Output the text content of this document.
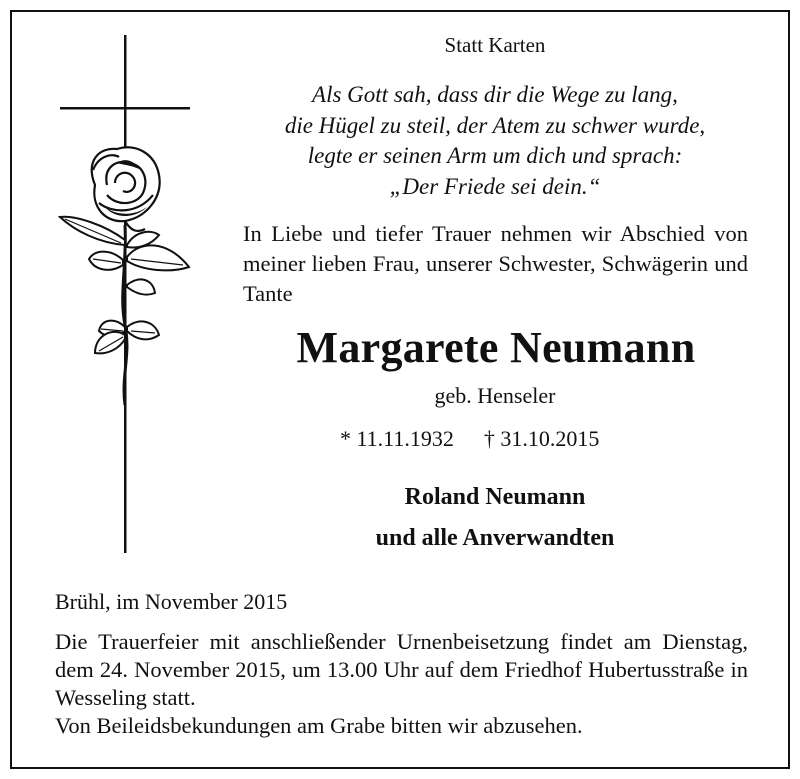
Statt Karten

Als Gott sah, dass dir die Wege zu lang,
die Hügel zu steil, der Atem zu schwer wurde,
legte er seinen Arm um dich und sprach:
„Der Friede sei dein.“

In Liebe und tiefer Trauer nehmen wir Abschied von meiner lieben Frau, unserer Schwester, Schwägerin und Tante

Margarete Neumann
geb. Henseler
* 11.11.1932 † 31.10.2015
Roland Neumann
und alle Anverwandten
Brühl, im November 2015

Die Trauerfeier mit anschließender Urnenbeisetzung findet am Dienstag, dem 24. November 2015, um 13.00 Uhr auf dem Friedhof Hubertusstraße in Wesseling statt.
Von Beileidsbekundungen am Grabe bitten wir abzusehen.
